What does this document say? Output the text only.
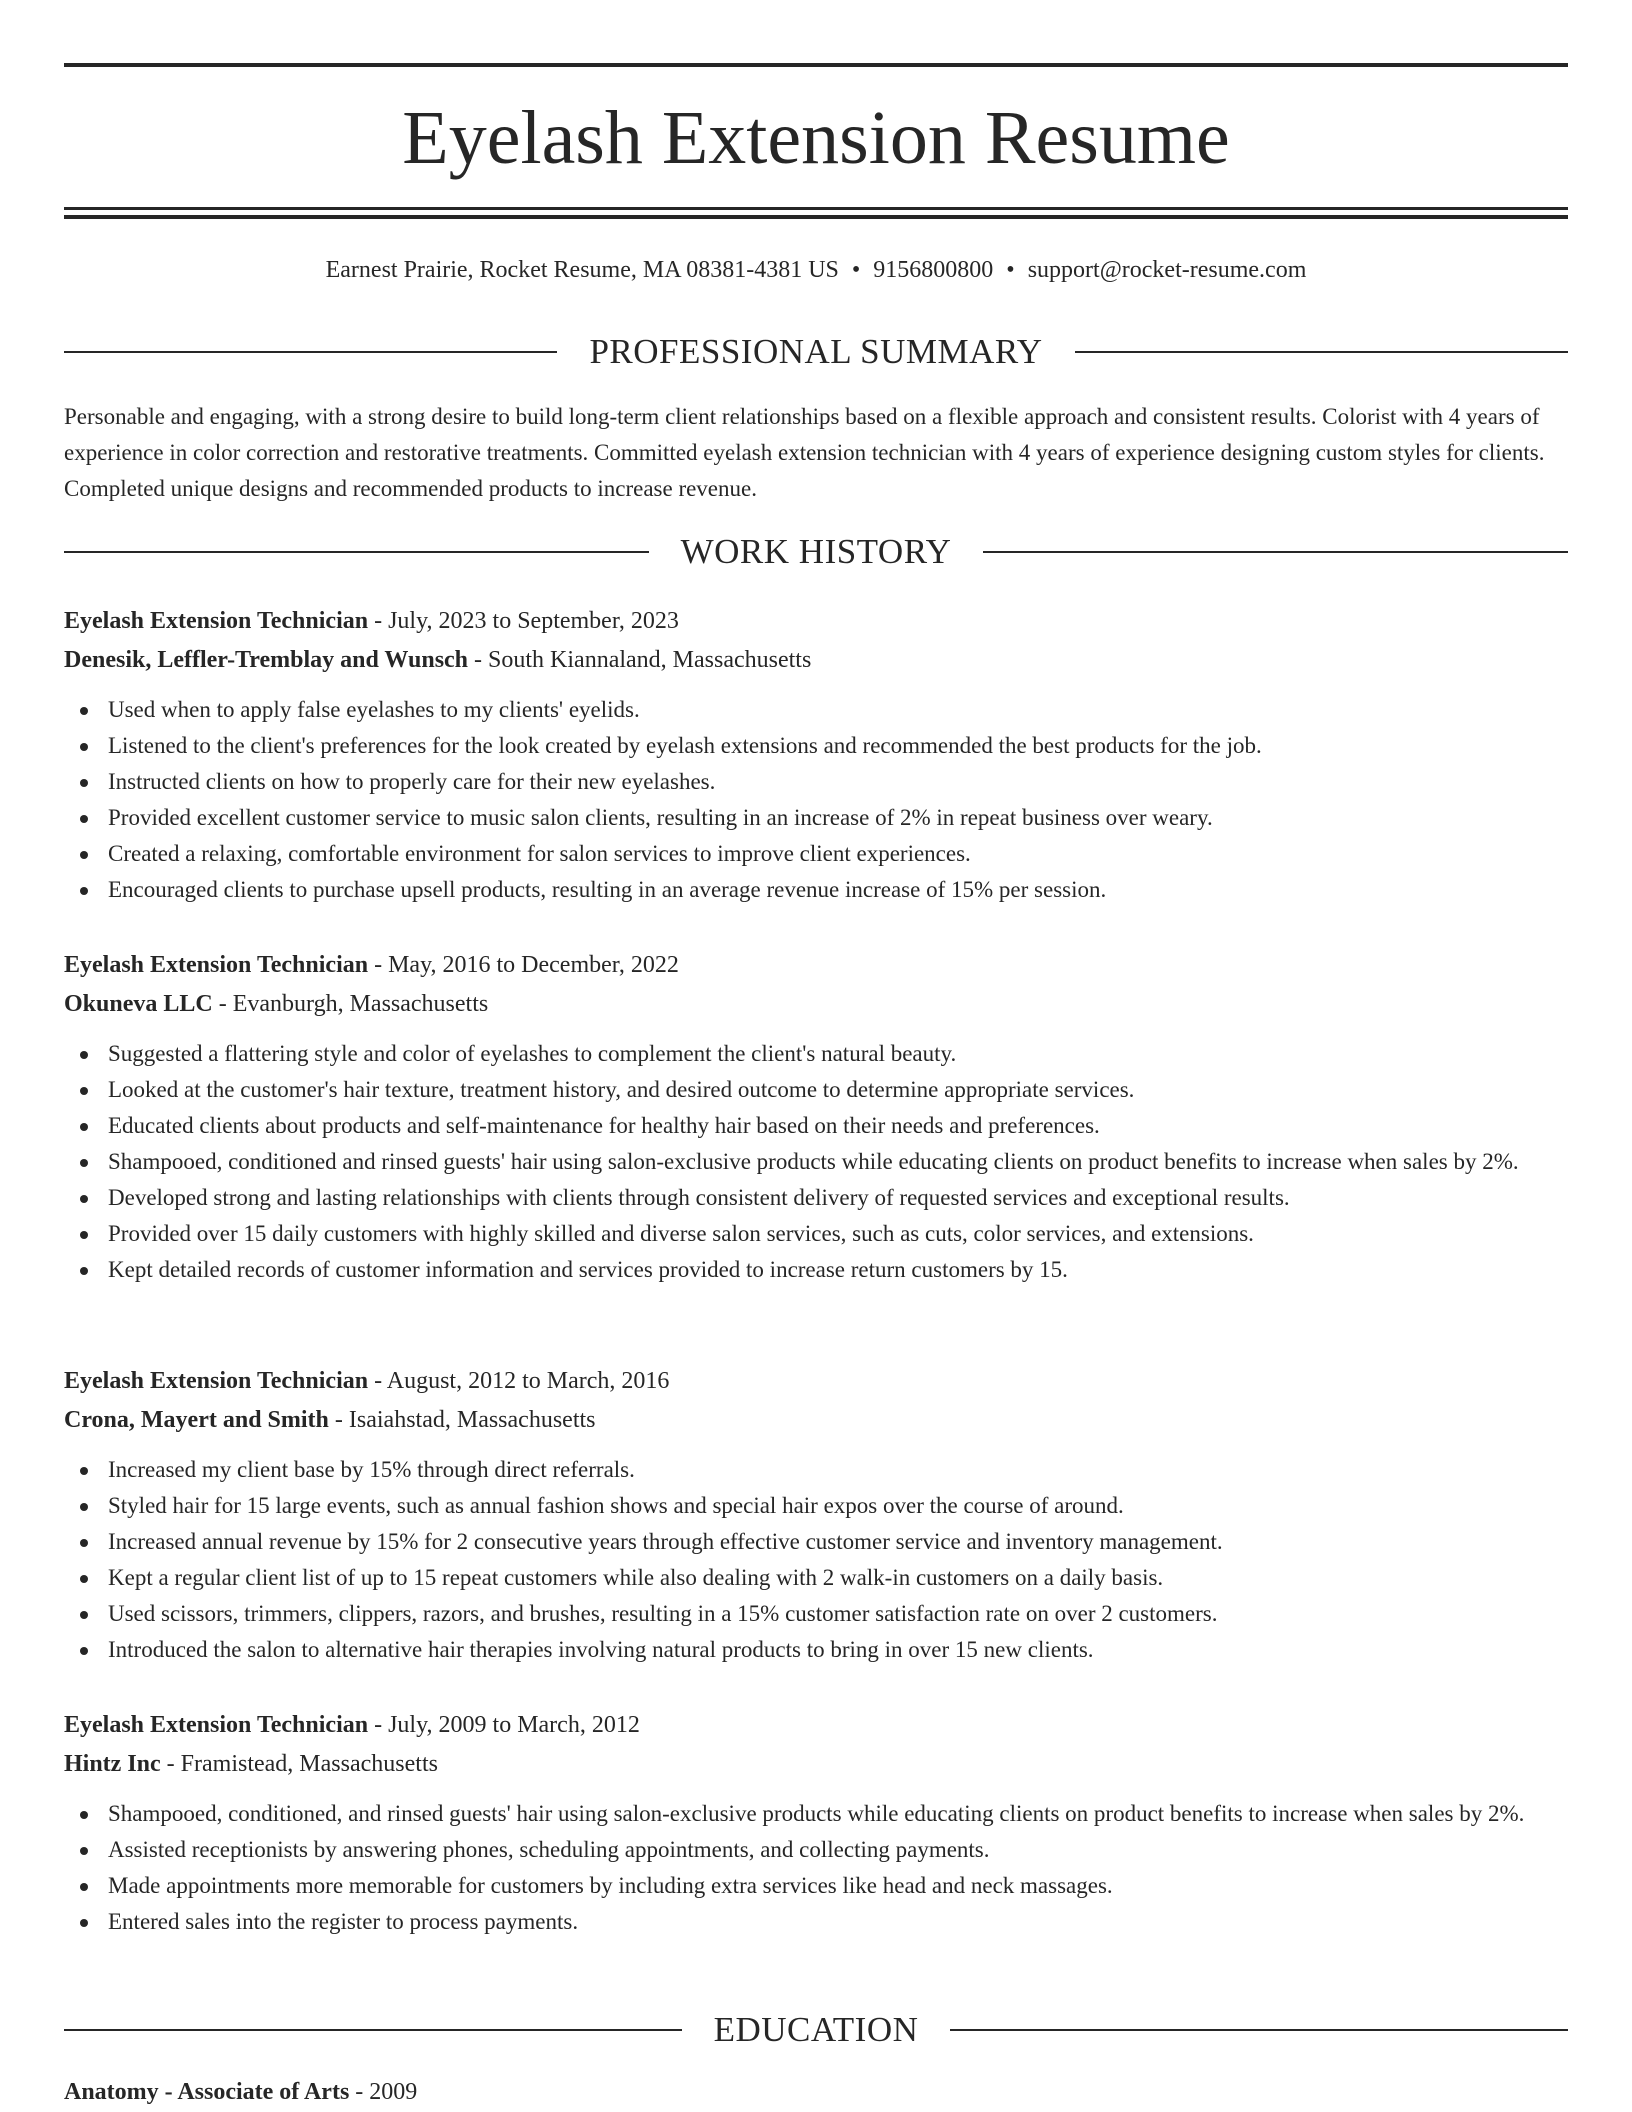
Eyelash Extension Resume
Earnest Prairie, Rocket Resume, MA 08381-4381 US • 9156800800 • support@rocket-resume.com
PROFESSIONAL SUMMARY

Personable and engaging, with a strong desire to build long-term client relationships based on a flexible approach and consistent results. Colorist with 4 years of experience in color correction and restorative treatments. Committed eyelash extension technician with 4 years of experience designing custom styles for clients. Completed unique designs and recommended products to increase revenue.

WORK HISTORY

Eyelash Extension Technician - July, 2023 to September, 2023

Denesik, Leffler-Tremblay and Wunsch - South Kiannaland, Massachusetts

Used when to apply false eyelashes to my clients' eyelids.
Listened to the client's preferences for the look created by eyelash extensions and recommended the best products for the job.
Instructed clients on how to properly care for their new eyelashes.
Provided excellent customer service to music salon clients, resulting in an increase of 2% in repeat business over weary.
Created a relaxing, comfortable environment for salon services to improve client experiences.
Encouraged clients to purchase upsell products, resulting in an average revenue increase of 15% per session.

Eyelash Extension Technician - May, 2016 to December, 2022

Okuneva LLC - Evanburgh, Massachusetts

Suggested a flattering style and color of eyelashes to complement the client's natural beauty.
Looked at the customer's hair texture, treatment history, and desired outcome to determine appropriate services.
Educated clients about products and self-maintenance for healthy hair based on their needs and preferences.
Shampooed, conditioned and rinsed guests' hair using salon-exclusive products while educating clients on product benefits to increase when sales by 2%.
Developed strong and lasting relationships with clients through consistent delivery of requested services and exceptional results.
Provided over 15 daily customers with highly skilled and diverse salon services, such as cuts, color services, and extensions.
Kept detailed records of customer information and services provided to increase return customers by 15.

Eyelash Extension Technician - August, 2012 to March, 2016

Crona, Mayert and Smith - Isaiahstad, Massachusetts

Increased my client base by 15% through direct referrals.
Styled hair for 15 large events, such as annual fashion shows and special hair expos over the course of around.
Increased annual revenue by 15% for 2 consecutive years through effective customer service and inventory management.
Kept a regular client list of up to 15 repeat customers while also dealing with 2 walk-in customers on a daily basis.
Used scissors, trimmers, clippers, razors, and brushes, resulting in a 15% customer satisfaction rate on over 2 customers.
Introduced the salon to alternative hair therapies involving natural products to bring in over 15 new clients.

Eyelash Extension Technician - July, 2009 to March, 2012

Hintz Inc - Framistead, Massachusetts

Shampooed, conditioned, and rinsed guests' hair using salon-exclusive products while educating clients on product benefits to increase when sales by 2%.
Assisted receptionists by answering phones, scheduling appointments, and collecting payments.
Made appointments more memorable for customers by including extra services like head and neck massages.
Entered sales into the register to process payments.
EDUCATION

Anatomy - Associate of Arts - 2009
